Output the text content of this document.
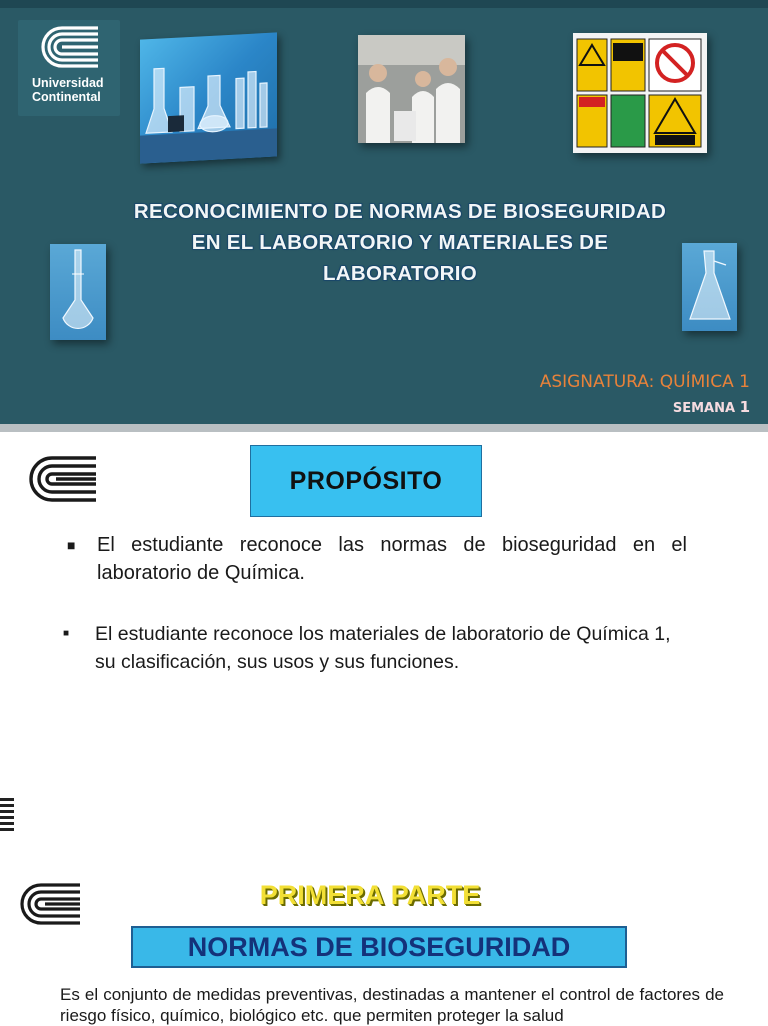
Universidad
Continental
RECONOCIMIENTO DE NORMAS DE BIOSEGURIDAD EN EL LABORATORIO Y MATERIALES DE LABORATORIO
ASIGNATURA: QUÍMICA 1
SEMANA 1
PROPÓSITO
■ El estudiante reconoce las normas de bioseguridad en el laboratorio de Química.
■ El estudiante reconoce los materiales de laboratorio de Química 1, su clasificación, sus usos y sus funciones.
PRIMERA PARTE
NORMAS DE BIOSEGURIDAD
Es el conjunto de medidas preventivas, destinadas a mantener el control de factores de riesgo físico, químico, biológico etc. que permiten proteger la salud
